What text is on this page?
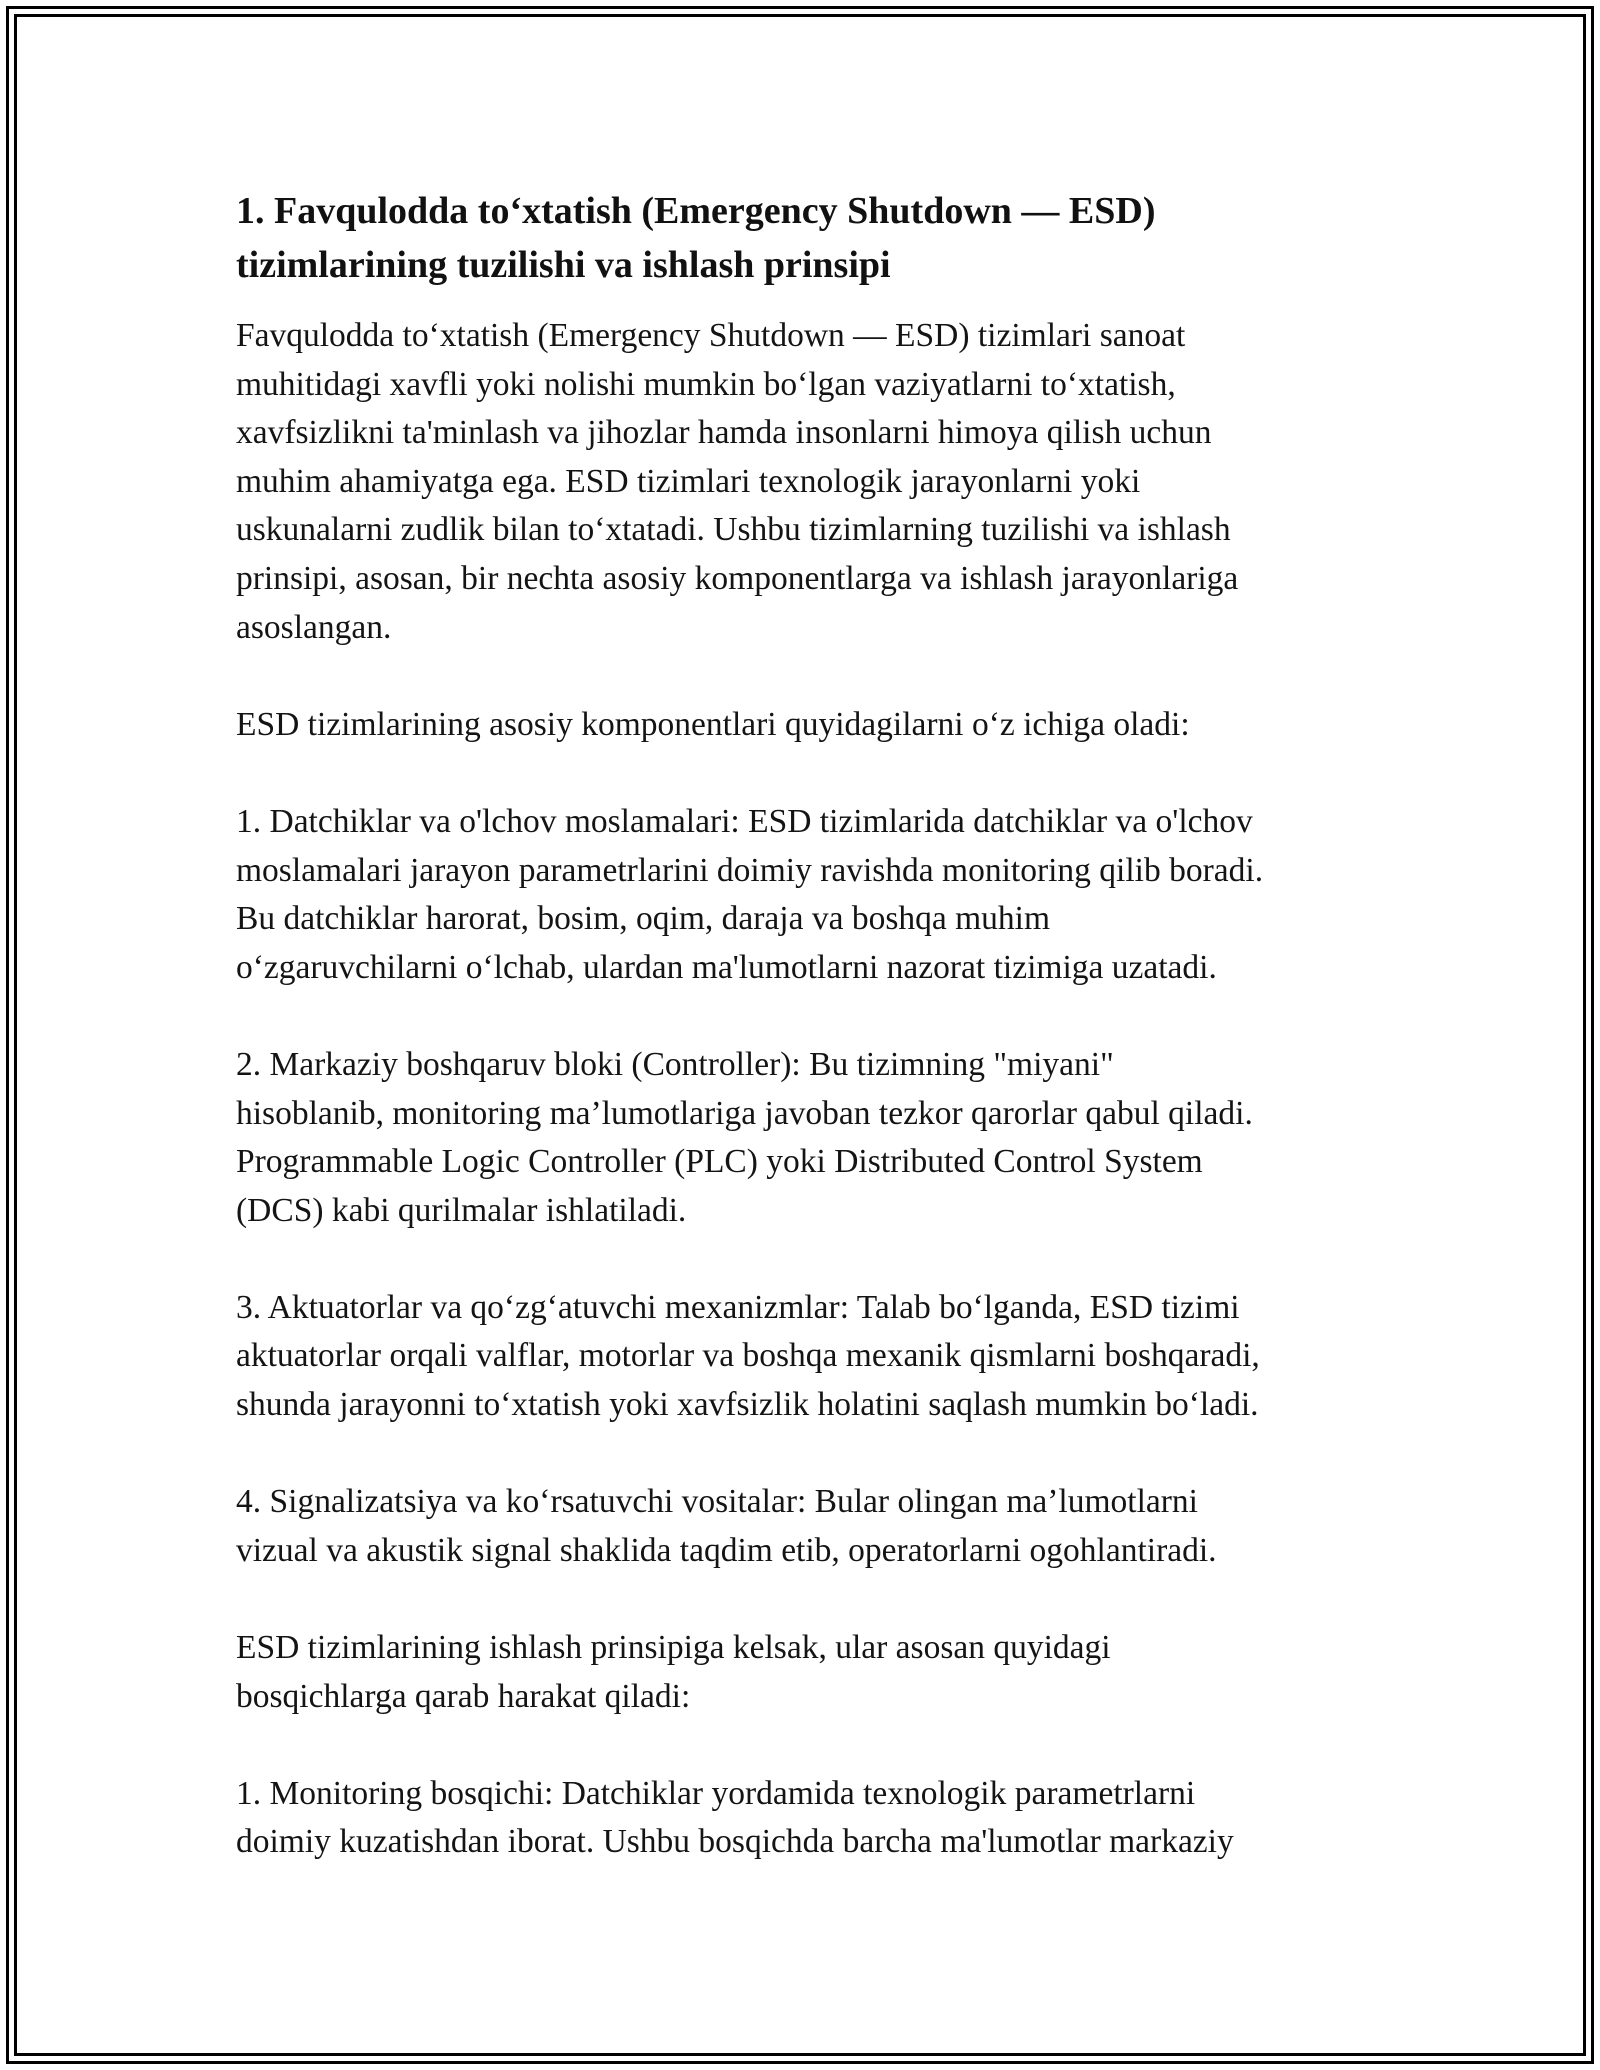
1. Favqulodda to‘xtatish (Emergency Shutdown — ESD)
tizimlarining tuzilishi va ishlash prinsipi

Favqulodda to‘xtatish (Emergency Shutdown — ESD) tizimlari sanoat
muhitidagi xavfli yoki nolishi mumkin bo‘lgan vaziyatlarni to‘xtatish,
xavfsizlikni ta'minlash va jihozlar hamda insonlarni himoya qilish uchun
muhim ahamiyatga ega. ESD tizimlari texnologik jarayonlarni yoki
uskunalarni zudlik bilan to‘xtatadi. Ushbu tizimlarning tuzilishi va ishlash
prinsipi, asosan, bir nechta asosiy komponentlarga va ishlash jarayonlariga
asoslangan.

ESD tizimlarining asosiy komponentlari quyidagilarni o‘z ichiga oladi:

1. Datchiklar va o'lchov moslamalari: ESD tizimlarida datchiklar va o'lchov
moslamalari jarayon parametrlarini doimiy ravishda monitoring qilib boradi.
Bu datchiklar harorat, bosim, oqim, daraja va boshqa muhim
o‘zgaruvchilarni o‘lchab, ulardan ma'lumotlarni nazorat tizimiga uzatadi.

2. Markaziy boshqaruv bloki (Controller): Bu tizimning "miyani"
hisoblanib, monitoring ma’lumotlariga javoban tezkor qarorlar qabul qiladi.
Programmable Logic Controller (PLC) yoki Distributed Control System
(DCS) kabi qurilmalar ishlatiladi.

3. Aktuatorlar va qo‘zg‘atuvchi mexanizmlar: Talab bo‘lganda, ESD tizimi
aktuatorlar orqali valflar, motorlar va boshqa mexanik qismlarni boshqaradi,
shunda jarayonni to‘xtatish yoki xavfsizlik holatini saqlash mumkin bo‘ladi.

4. Signalizatsiya va ko‘rsatuvchi vositalar: Bular olingan ma’lumotlarni
vizual va akustik signal shaklida taqdim etib, operatorlarni ogohlantiradi.

ESD tizimlarining ishlash prinsipiga kelsak, ular asosan quyidagi
bosqichlarga qarab harakat qiladi:

1. Monitoring bosqichi: Datchiklar yordamida texnologik parametrlarni
doimiy kuzatishdan iborat. Ushbu bosqichda barcha ma'lumotlar markaziy
